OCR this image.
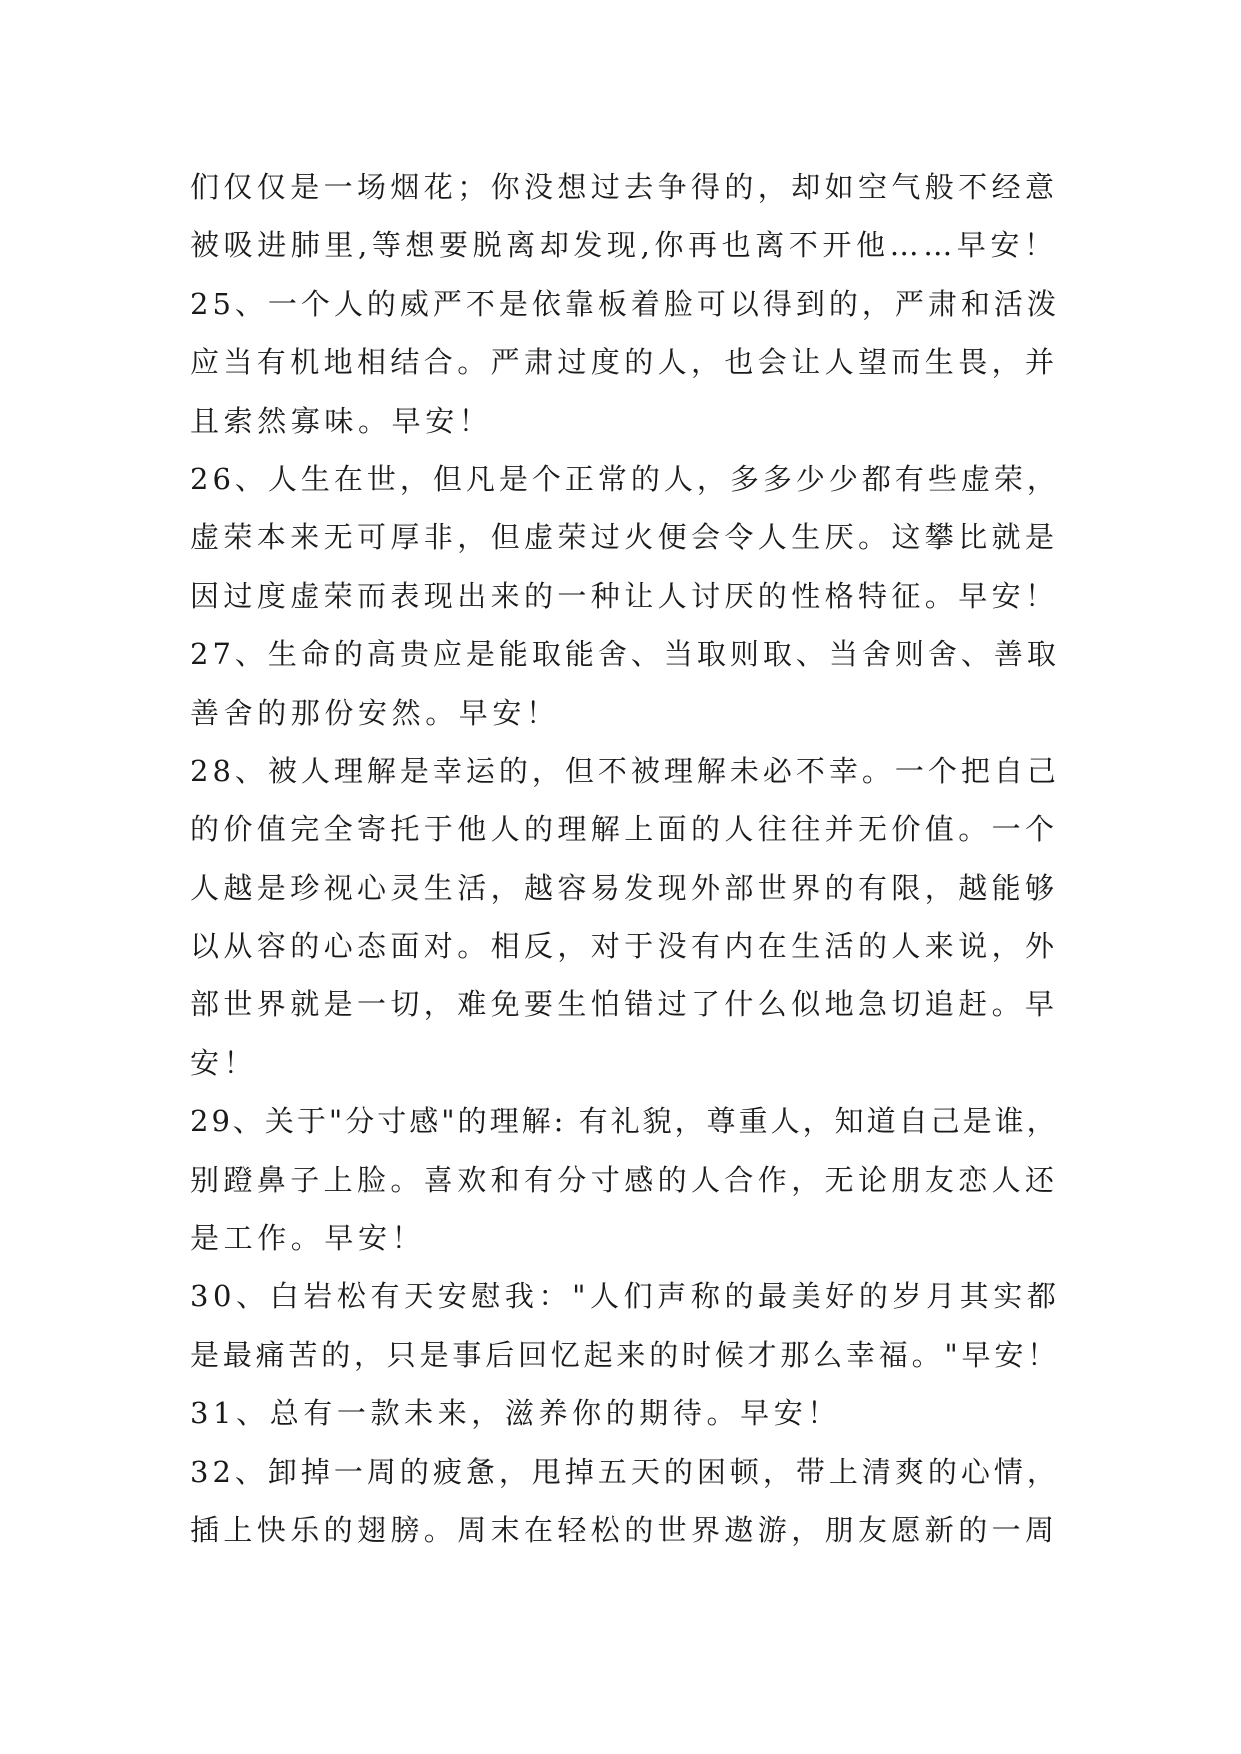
们仅仅是一场烟花；你没想过去争得的，却如空气般不经意
被吸进肺里,等想要脱离却发现,你再也离不开他……早安！
25、一个人的威严不是依靠板着脸可以得到的，严肃和活泼
应当有机地相结合。严肃过度的人，也会让人望而生畏，并
且索然寡味。早安！
26、人生在世，但凡是个正常的人，多多少少都有些虚荣，
虚荣本来无可厚非，但虚荣过火便会令人生厌。这攀比就是
因过度虚荣而表现出来的一种让人讨厌的性格特征。早安！
27、生命的高贵应是能取能舍、当取则取、当舍则舍、善取
善舍的那份安然。早安！
28、被人理解是幸运的，但不被理解未必不幸。一个把自己
的价值完全寄托于他人的理解上面的人往往并无价值。一个
人越是珍视心灵生活，越容易发现外部世界的有限，越能够
以从容的心态面对。相反，对于没有内在生活的人来说，外
部世界就是一切，难免要生怕错过了什么似地急切追赶。早
安！
29、关于"分寸感"的理解: 有礼貌，尊重人，知道自己是谁，
别蹬鼻子上脸。喜欢和有分寸感的人合作，无论朋友恋人还
是工作。早安！
30、白岩松有天安慰我："人们声称的最美好的岁月其实都
是最痛苦的，只是事后回忆起来的时候才那么幸福。"早安！
31、总有一款未来，滋养你的期待。早安！
32、卸掉一周的疲惫，甩掉五天的困顿，带上清爽的心情，
插上快乐的翅膀。周末在轻松的世界遨游，朋友愿新的一周
